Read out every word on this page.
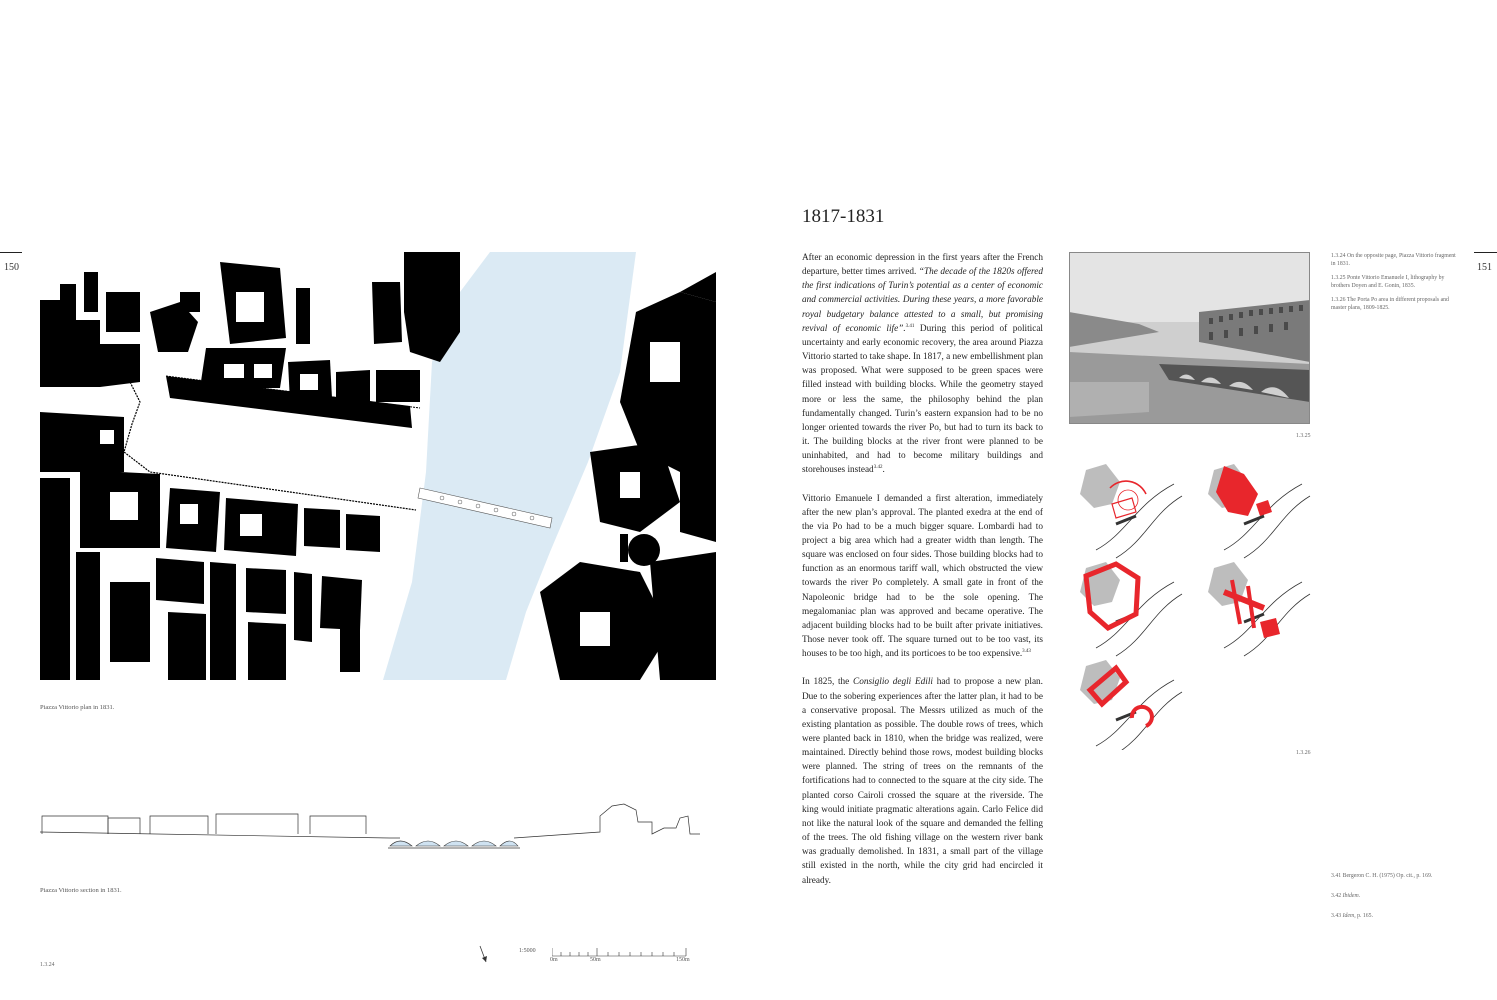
150	151
Piazza Vittorio plan in 1831.
Piazza Vittorio section in 1831.
1.3.24
1:5000
0m	50m	150m
1817-1831

After an economic depression in the first years after the French departure, better times arrived. “The decade of the 1820s offered the first indications of Turin’s potential as a center of economic and commercial activities. During these years, a more favorable royal budgetary balance attested to a small, but promising revival of economic life”.$^{3.41}$ During this period of political uncertainty and early economic recovery, the area around Piazza Vittorio started to take shape. In 1817, a new embellishment plan was proposed. What were supposed to be green spaces were filled instead with building blocks. While the geometry stayed more or less the same, the philosophy behind the plan fundamentally changed. Turin’s eastern expansion had to be no longer oriented towards the river Po, but had to turn its back to it. The building blocks at the river front were planned to be uninhabited, and had to become military buildings and storehouses instead$^{3.42}$.

Vittorio Emanuele I demanded a first alteration, immediately after the new plan’s approval. The planted exedra at the end of the via Po had to be a much bigger square. Lombardi had to project a big area which had a greater width than length. The square was enclosed on four sides. Those building blocks had to function as an enormous tariff wall, which obstructed the view towards the river Po completely. A small gate in front of the Napoleonic bridge had to be the sole opening. The megalomaniac plan was approved and became operative. The adjacent building blocks had to be built after private initiatives. Those never took off. The square turned out to be too vast, its houses to be too high, and its porticoes to be too expensive.$^{3.43}$

In 1825, the Consiglio degli Edili had to propose a new plan. Due to the sobering experiences after the latter plan, it had to be a conservative proposal. The Messrs utilized as much of the existing plantation as possible. The double rows of trees, which were planted back in 1810, when the bridge was realized, were maintained. Directly behind those rows, modest building blocks were planned. The string of trees on the remnants of the fortifications had to connected to the square at the city side. The planted corso Cairoli crossed the square at the riverside. The king would initiate pragmatic alterations again. Carlo Felice did not like the natural look of the square and demanded the felling of the trees. The old fishing village on the western river bank was gradually demolished. In 1831, a small part of the village still existed in the north, while the city grid had encircled it already.

1.3.25
1.3.26
1.3.24 On the opposite page, Piazza Vittorio fragment in 1831.
1.3.25 Ponte Vittorio Emanuele I, lithography by brothers Doyen and E. Gonin, 1835.
1.3.26 The Porta Po area in different proposals and master plans, 1809-1825.
3.41 Bergeron C. H. (1975) Op. cit., p. 169.
3.42 Ibidem.
3.43 Idem, p. 165.
